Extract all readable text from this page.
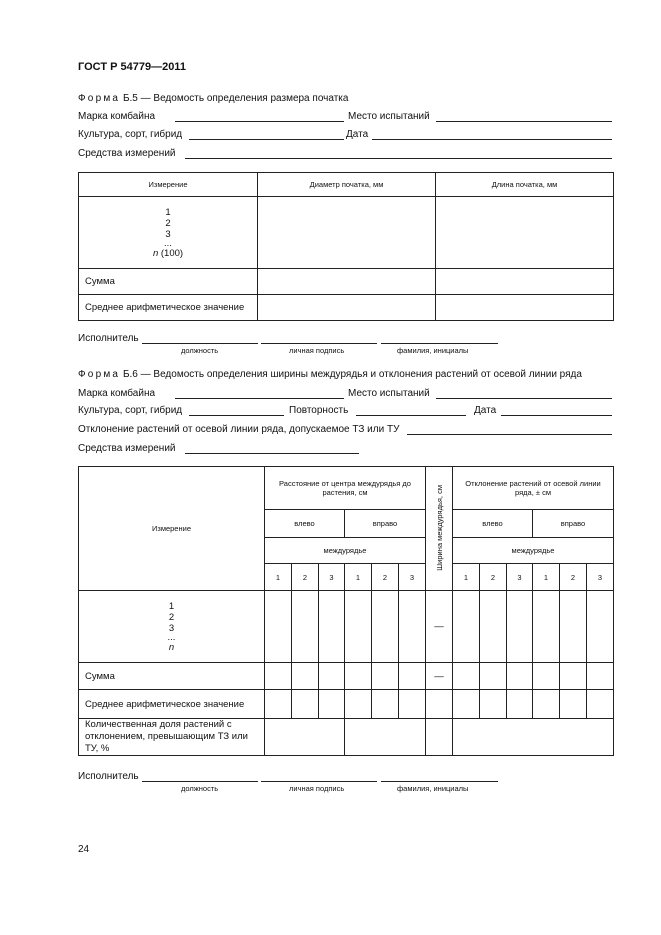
ГОСТ Р 54779—2011
Форма Б.5 — Ведомость определения размера початка
Марка комбайна	Место испытаний
Культура, сорт, гибрид	Дата
Средства измерений
Измерение	Диаметр початка, мм	Длина початка, мм

1
2
3
...
n (100)		

Сумма		
Среднее арифметическое значение		
Исполнитель
должность	личная подпись	фамилия, инициалы
Форма Б.6 — Ведомость определения ширины междурядья и отклонения растений от осевой линии ряда
Марка комбайна	Место испытаний
Культура, сорт, гибрид	Повторность	Дата
Отклонение растений от осевой линии ряда, допускаемое ТЗ или ТУ
Средства измерений
Измерение	Расстояние от центра междурядья до растения, см						Ширина междурядья, см	Отклонение растений от осевой линии ряда, ± см					
	влево			вправо				влево			вправо		
	междурядье							междурядье					
	1	2	3	1	2	3		1	2	3	1	2	3

1
2
3
...
n							—						
Сумма							—						
Среднее арифметическое значение													
Количественная доля растений с отклонением, превышающим ТЗ или ТУ, %													
Исполнитель
должность	личная подпись	фамилия, инициалы
24
